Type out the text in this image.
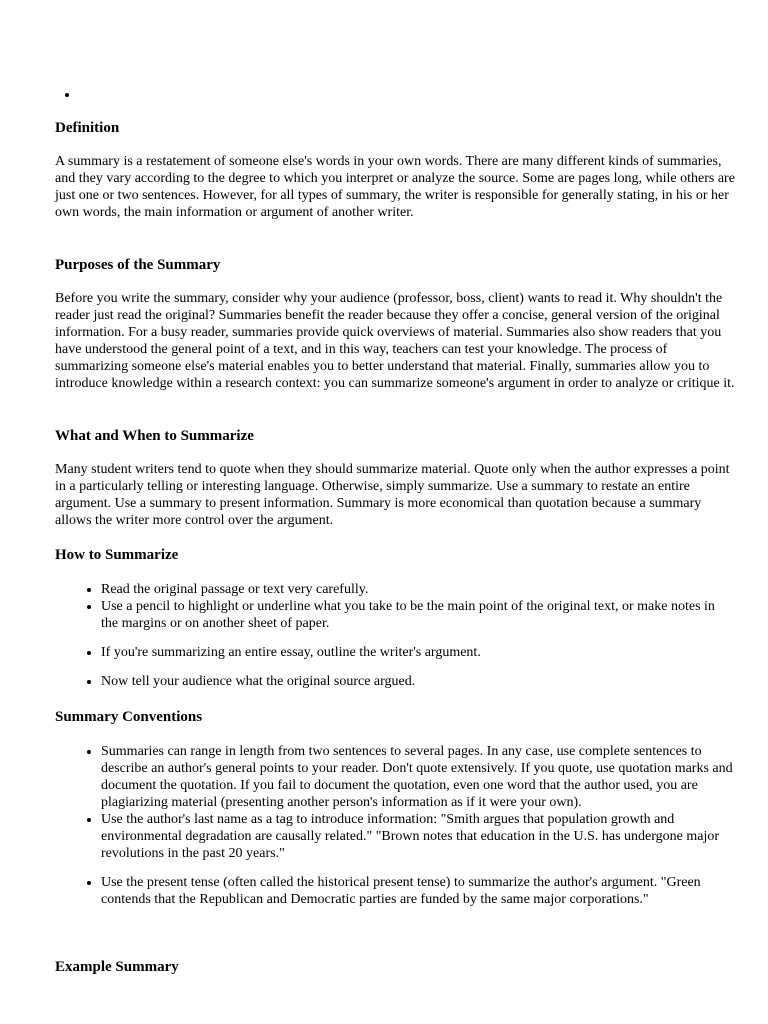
Definition

A summary is a restatement of someone else's words in your own words. There are many different kinds of summaries, and they vary according to the degree to which you interpret or analyze the source. Some are pages long, while others are just one or two sentences. However, for all types of summary, the writer is responsible for generally stating, in his or her own words, the main information or argument of another writer.

Purposes of the Summary

Before you write the summary, consider why your audience (professor, boss, client) wants to read it. Why shouldn't the reader just read the original? Summaries benefit the reader because they offer a concise, general version of the original information. For a busy reader, summaries provide quick overviews of material. Summaries also show readers that you have understood the general point of a text, and in this way, teachers can test your knowledge. The process of summarizing someone else's material enables you to better understand that material. Finally, summaries allow you to introduce knowledge within a research context: you can summarize someone's argument in order to analyze or critique it.

What and When to Summarize

Many student writers tend to quote when they should summarize material. Quote only when the author expresses a point in a particularly telling or interesting language. Otherwise, simply summarize. Use a summary to restate an entire argument. Use a summary to present information. Summary is more economical than quotation because a summary allows the writer more control over the argument.

How to Summarize
• Read the original passage or text very carefully.
• Use a pencil to highlight or underline what you take to be the main point of the original text, or make notes in the margins or on another sheet of paper.
• If you're summarizing an entire essay, outline the writer's argument.
• Now tell your audience what the original source argued.
Summary Conventions
• Summaries can range in length from two sentences to several pages. In any case, use complete sentences to describe an author's general points to your reader. Don't quote extensively. If you quote, use quotation marks and document the quotation. If you fail to document the quotation, even one word that the author used, you are plagiarizing material (presenting another person's information as if it were your own).
• Use the author's last name as a tag to introduce information: "Smith argues that population growth and environmental degradation are causally related." "Brown notes that education in the U.S. has undergone major revolutions in the past 20 years."
• Use the present tense (often called the historical present tense) to summarize the author's argument. "Green contends that the Republican and Democratic parties are funded by the same major corporations."
Example Summary
